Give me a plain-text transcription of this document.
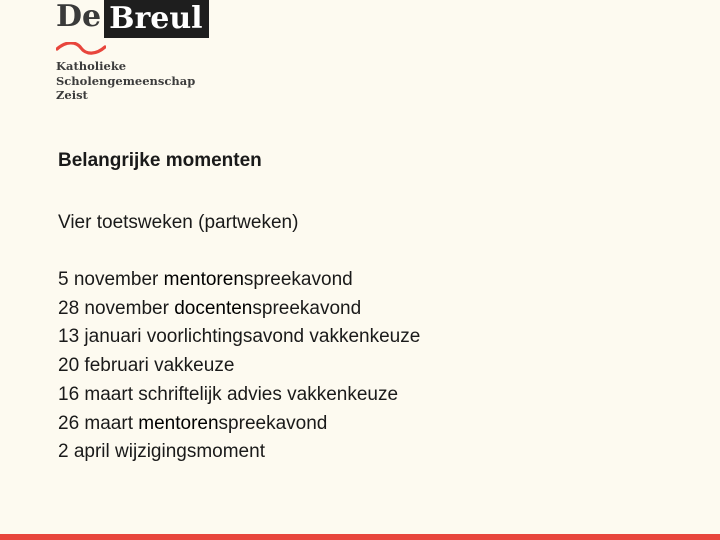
De Breul
Katholieke
Scholengemeenschap
Zeist
Belangrijke momenten

Vier toetsweken (partweken)

5 november mentorenspreekavond
28 november docentenspreekavond
13 januari voorlichtingsavond vakkenkeuze
20 februari vakkeuze
16 maart schriftelijk advies vakkenkeuze
26 maart mentorenspreekavond
2 april wijzigingsmoment
